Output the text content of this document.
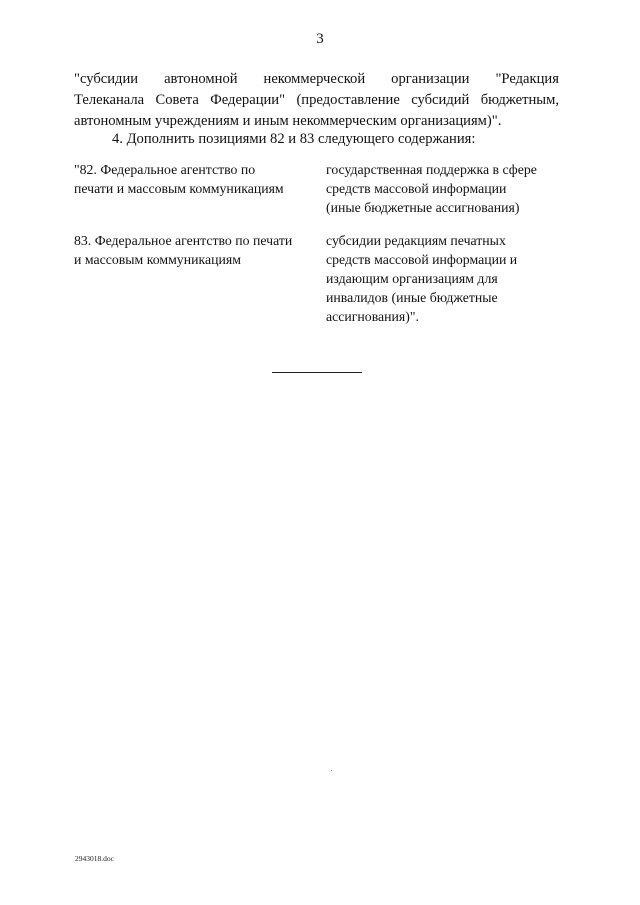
3
"субсидии автономной некоммерческой организации "Редакция
Телеканала Совета Федерации" (предоставление субсидий бюджетным,
автономным учреждениям и иным некоммерческим организациям)".

4. Дополнить позициями 82 и 83 следующего содержания:

"82. Федеральное агентство по
печати и массовым коммуникациям
государственная поддержка в сфере
средств массовой информации
(иные бюджетные ассигнования)
83. Федеральное агентство по печати
и массовым коммуникациям
субсидии редакциям печатных
средств массовой информации и
издающим организациям для
инвалидов (иные бюджетные
ассигнования)".
2943018.doc
